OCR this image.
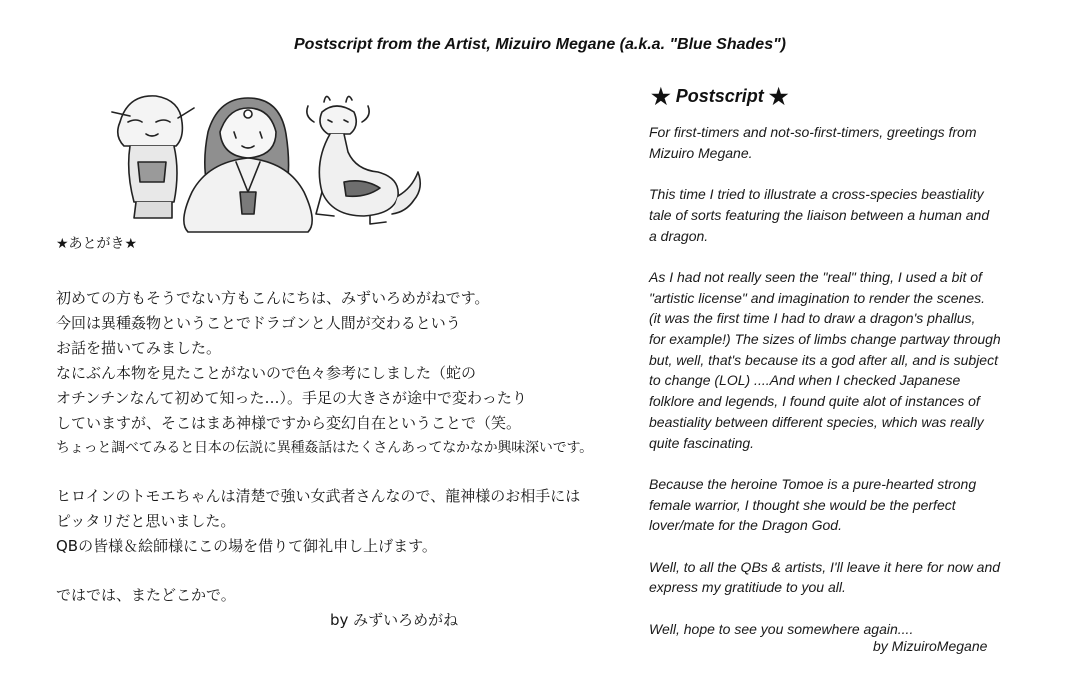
Postscript from the Artist, Mizuiro Megane (a.k.a. "Blue Shades")
★あとがき★
初めての方もそうでない方もこんにちは、みずいろめがねです。
今回は異種姦物ということでドラゴンと人間が交わるという
お話を描いてみました。
なにぶん本物を見たことがないので色々参考にしました（蛇の
オチンチンなんて初めて知った…）。手足の大きさが途中で変わったり
していますが、そこはまあ神様ですから変幻自在ということで（笑。
ちょっと調べてみると日本の伝説に異種姦話はたくさんあってなかなか興味深いです。
ヒロインのトモエちゃんは清楚で強い女武者さんなので、龍神様のお相手には
ピッタリだと思いました。
QBの皆様＆絵師様にこの場を借りて御礼申し上げます。
ではでは、またどこかで。
by みずいろめがね
★ Postscript ★

For first-timers and not-so-first-timers, greetings from
Mizuiro Megane.

This time I tried to illustrate a cross-species beastiality
tale of sorts featuring the liaison between a human and
a dragon.

As I had not really seen the "real" thing, I used a bit of
"artistic license" and imagination to render the scenes.
(it was the first time I had to draw a dragon's phallus,
for example!) The sizes of limbs change partway through
but, well, that's because its a god after all, and is subject
to change (LOL) ....And when I checked Japanese
folklore and legends, I found quite alot of instances of
beastiality between different species, which was really
quite fascinating.

Because the heroine Tomoe is a pure-hearted strong
female warrior, I thought she would be the perfect
lover/mate for the Dragon God.

Well, to all the QBs & artists, I'll leave it here for now and
express my gratitiude to you all.

Well, hope to see you somewhere again....

by MizuiroMegane
